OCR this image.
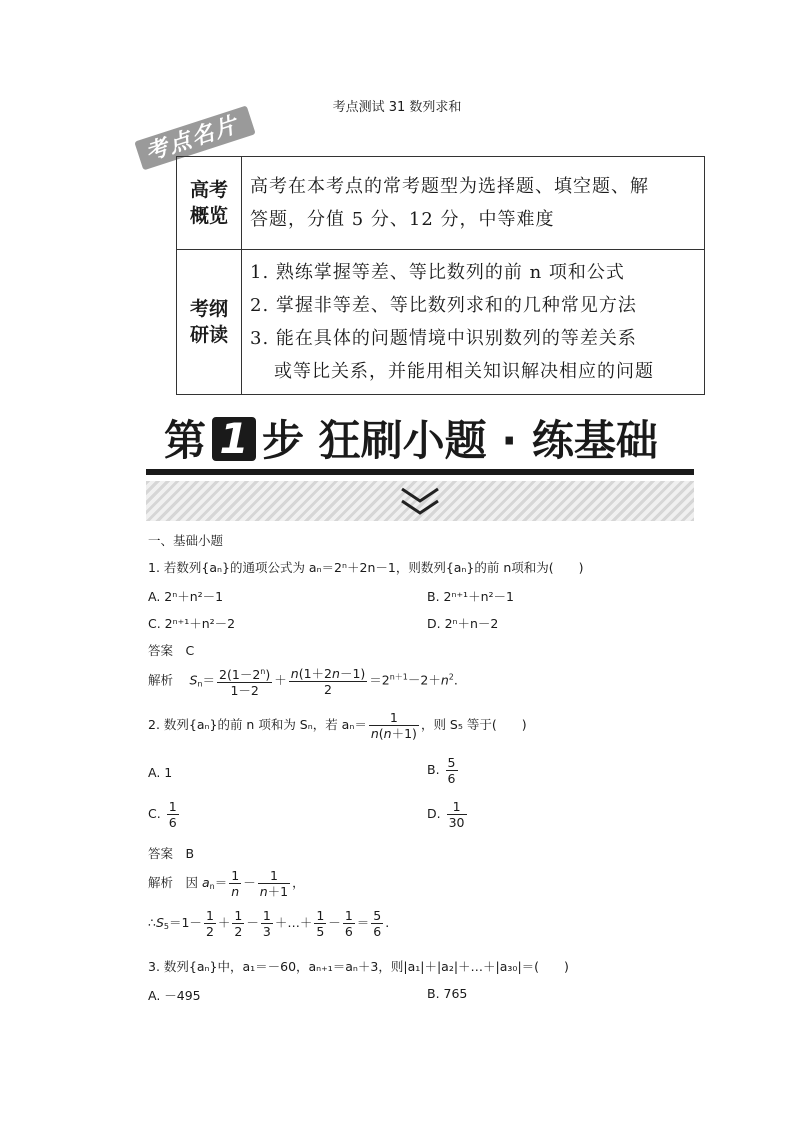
考点测试 31 数列求和
考点名片
高考
概览	高考在本考点的常考题型为选择题、填空题、解
答题，分值 5 分、12 分，中等难度
考纲
研读	1. 熟练掌握等差、等比数列的前 n 项和公式
2. 掌握非等差、等比数列求和的几种常见方法
3. 能在具体的问题情境中识别数列的等差关系

或等比关系，并能用相关知识解决相应的问题
第 1 步 狂刷小题 · 练基础
一、基础小题
1. 若数列{aₙ}的通项公式为 aₙ＝2ⁿ＋2n－1，则数列{aₙ}的前 n项和为(　　)
A. 2ⁿ＋n²－1	B. 2ⁿ⁺¹＋n²－1
C. 2ⁿ⁺¹＋n²－2	D. 2ⁿ＋n－2
答案　C
解析　 $S_n= \frac{2(1-2^n)}{1-2} + \frac{n(1+2n-1)}{2} =2^{n+1}-2+n^2$.
2. 数列{aₙ}的前 n 项和为 Sₙ，若 $a_n= \frac{1}{n(n+1)}$ ，则 S₅ 等于(　　)
A. 1	B. $\frac{5}{6}$
C. $\frac{1}{6}$	D. $\frac{1}{30}$
答案　B
解析　因 $a_n= \frac{1}{n} - \frac{1}{n+1}$ ，
$\therefore S_5=1- \frac{1}{2} + \frac{1}{2} - \frac{1}{3}$ ＋…＋ $\frac{1}{5} - \frac{1}{6} = \frac{5}{6}$ .
3. 数列{aₙ}中，a₁＝－60，aₙ₊₁＝aₙ＋3，则|a₁|＋|a₂|＋…＋|a₃₀|＝(　　)
A. －495	B. 765
